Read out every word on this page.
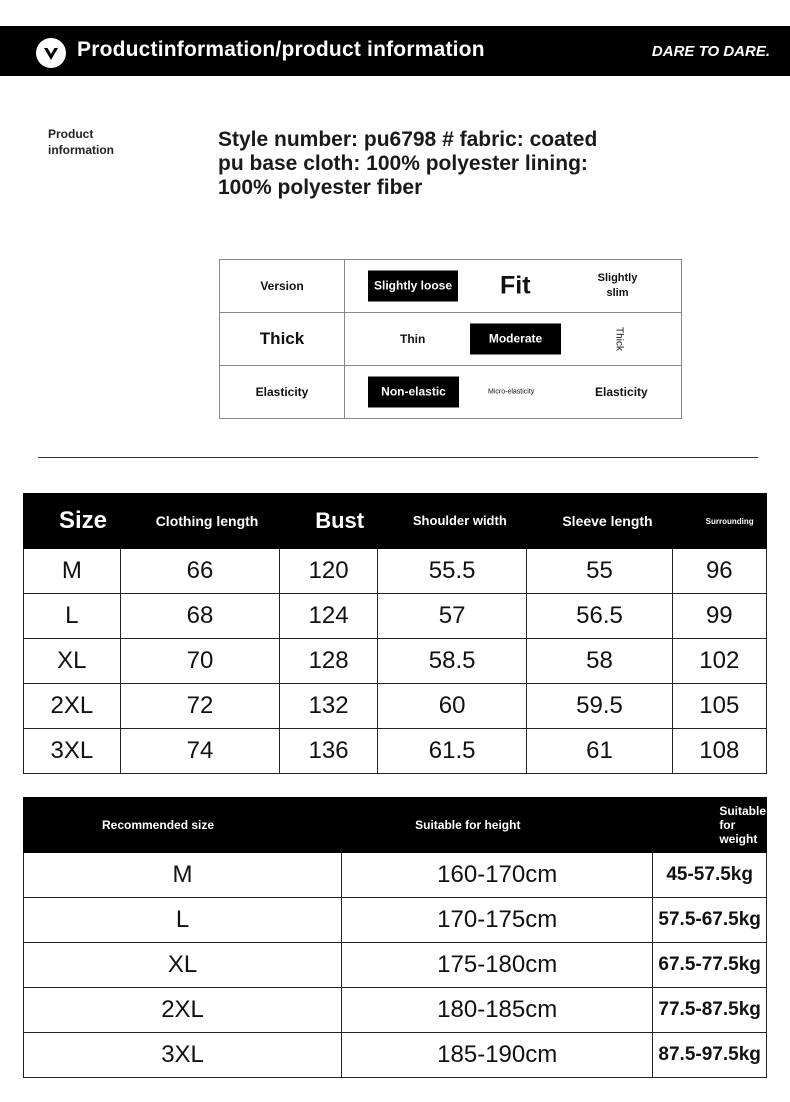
Productinformation/product information	DARE TO DARE.
Product information	Style number: pu6798 # fabric: coated pu base cloth: 100% polyester lining: 100% polyester fiber
Version	Slightly loose Fit Slightly slim

Thick	Thin Moderate Thick

Elasticity	Non-elastic Micro-elasticity Elasticity
Size	Clothing length	Bust	Shoulder width	Sleeve length	Surrounding
M	66	120	55.5	55	96
L	68	124	57	56.5	99
XL	70	128	58.5	58	102
2XL	72	132	60	59.5	105
3XL	74	136	61.5	61	108
Recommended size	Suitable for height	Suitable for weight
M	160-170cm	45-57.5kg
L	170-175cm	57.5-67.5kg
XL	175-180cm	67.5-77.5kg
2XL	180-185cm	77.5-87.5kg
3XL	185-190cm	87.5-97.5kg
